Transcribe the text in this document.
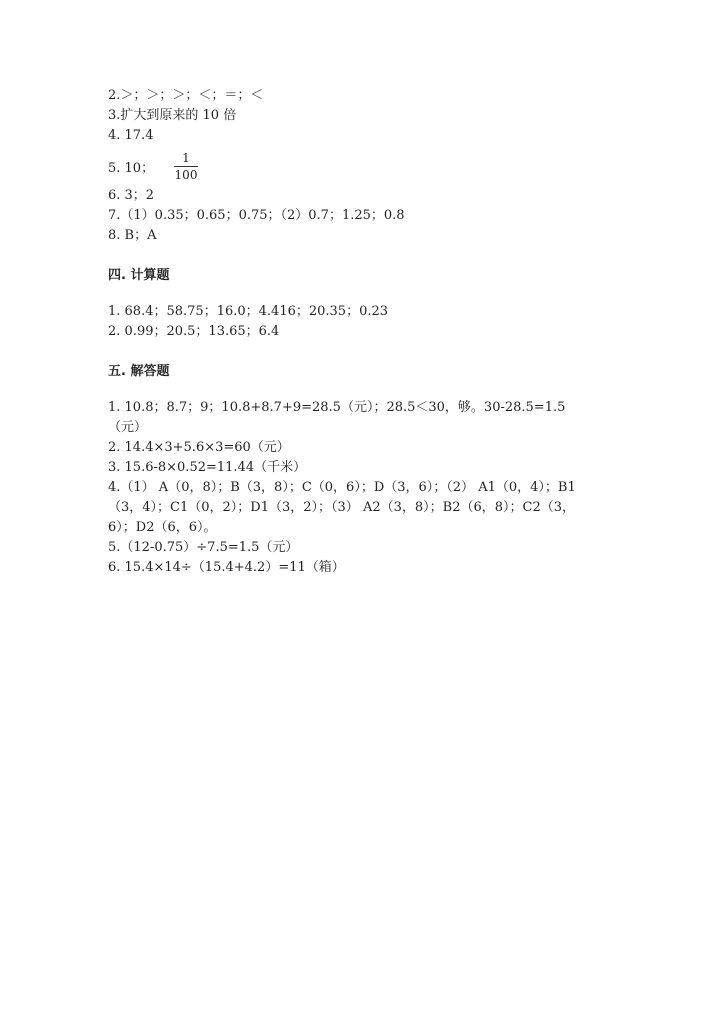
2.＞；＞；＞；＜；＝；＜

3.扩大到原来的 10 倍

4. 17.4

5. 10；	$\frac{1}{100}$

6. 3；2

7.（1）0.35；0.65；0.75；（2）0.7；1.25；0.8

8. B；A

四. 计算题

1. 68.4；58.75；16.0；4.416；20.35；0.23

2. 0.99；20.5；13.65；6.4

五. 解答题

1. 10.8；8.7；9；10.8+8.7+9=28.5（元）；28.5＜30，够。30-28.5=1.5（元）

2. 14.4×3+5.6×3=60（元）

3. 15.6-8×0.52=11.44（千米）

4.（1） A（0，8）；B（3，8）；C（0，6）；D（3，6）；（2） A1（0，4）；B1（3，4）；C1（0，2）；D1（3，2）；（3） A2（3，8）；B2（6，8）；C2（3，6）；D2（6，6）。

5.（12-0.75）÷7.5=1.5（元）

6. 15.4×14÷（15.4+4.2）=11（箱）
